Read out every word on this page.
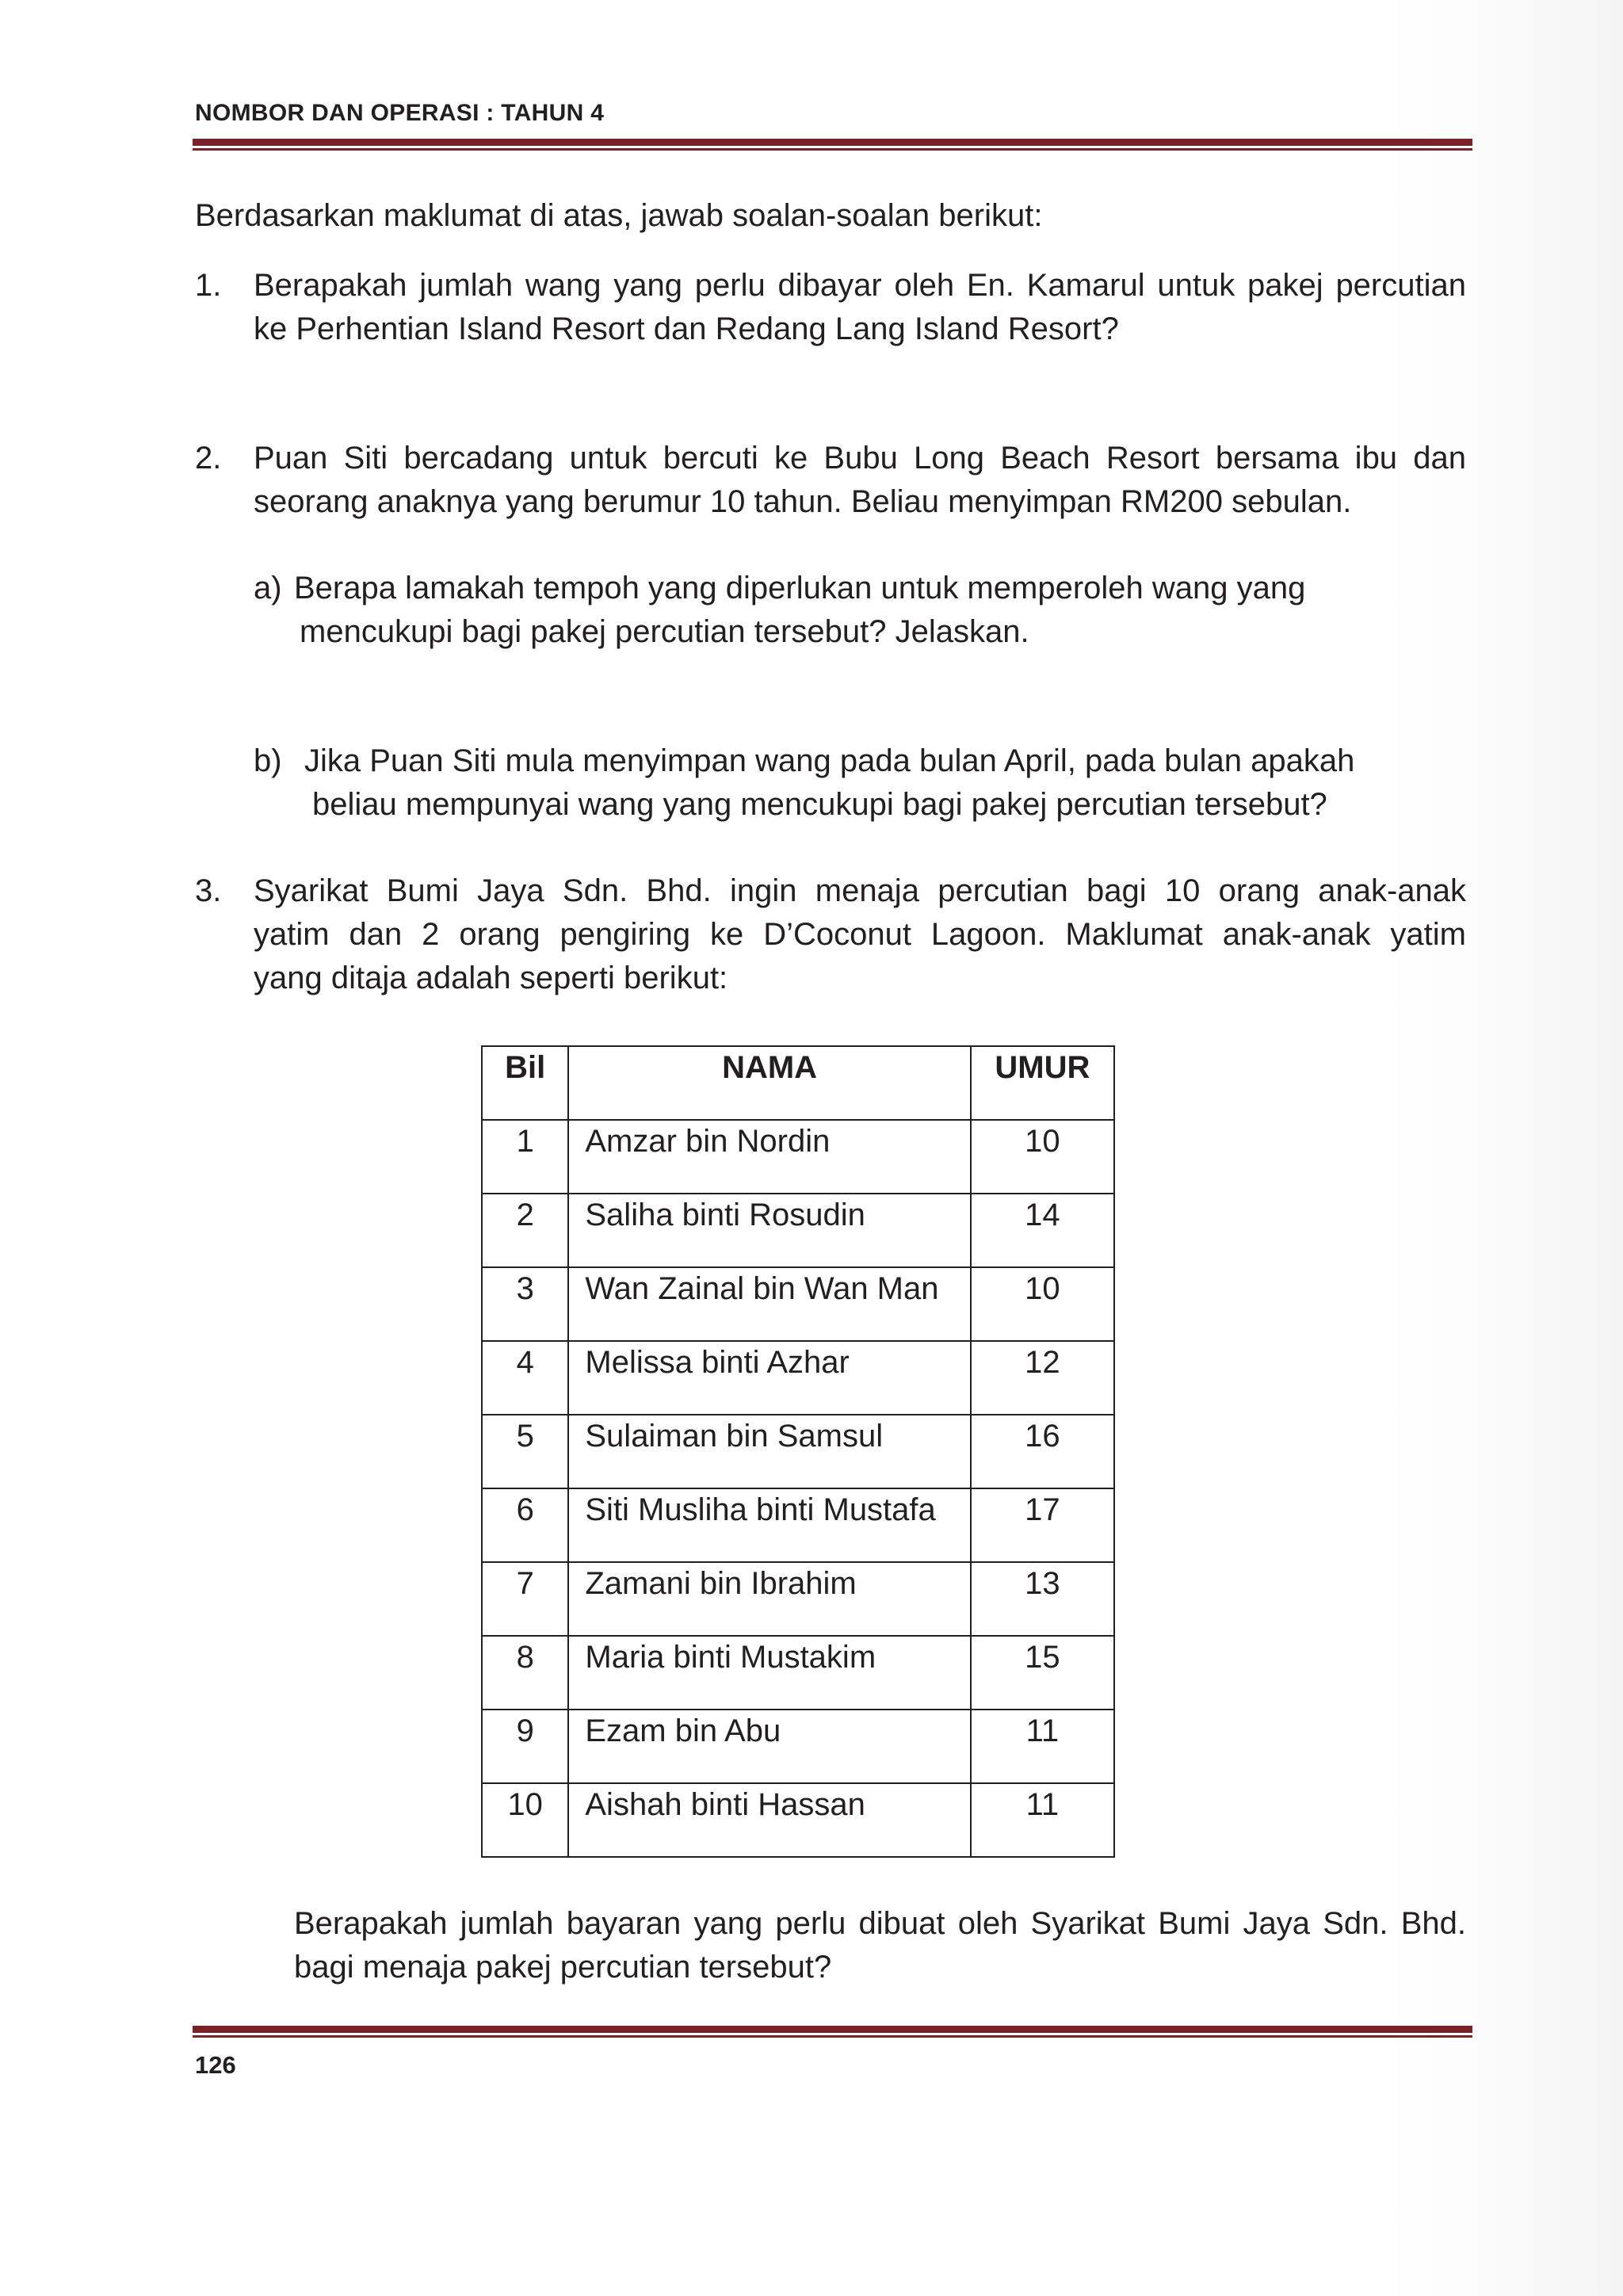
NOMBOR DAN OPERASI : TAHUN 4
Berdasarkan maklumat di atas, jawab soalan-soalan berikut:
1.	Berapakah jumlah wang yang perlu dibayar oleh En. Kamarul untuk pakej percutian
ke Perhentian Island Resort dan Redang Lang Island Resort?
2.	Puan Siti bercadang untuk bercuti ke Bubu Long Beach Resort bersama ibu dan
seorang anaknya yang berumur 10 tahun. Beliau menyimpan RM200 sebulan.
a) Berapa lamakah tempoh yang diperlukan untuk memperoleh wang yang
mencukupi bagi pakej percutian tersebut? Jelaskan.
b) Jika Puan Siti mula menyimpan wang pada bulan April, pada bulan apakah
beliau mempunyai wang yang mencukupi bagi pakej percutian tersebut?
3.	Syarikat Bumi Jaya Sdn. Bhd. ingin menaja percutian bagi 10 orang anak-anak
yatim dan 2 orang pengiring ke D’Coconut Lagoon. Maklumat anak-anak yatim
yang ditaja adalah seperti berikut:
Bil	NAMA	UMUR
1	Amzar bin Nordin	10
2	Saliha binti Rosudin	14
3	Wan Zainal bin Wan Man	10
4	Melissa binti Azhar	12
5	Sulaiman bin Samsul	16
6	Siti Musliha binti Mustafa	17
7	Zamani bin Ibrahim	13
8	Maria binti Mustakim	15
9	Ezam bin Abu	11
10	Aishah binti Hassan	11
Berapakah jumlah bayaran yang perlu dibuat oleh Syarikat Bumi Jaya Sdn. Bhd.
bagi menaja pakej percutian tersebut?
126
